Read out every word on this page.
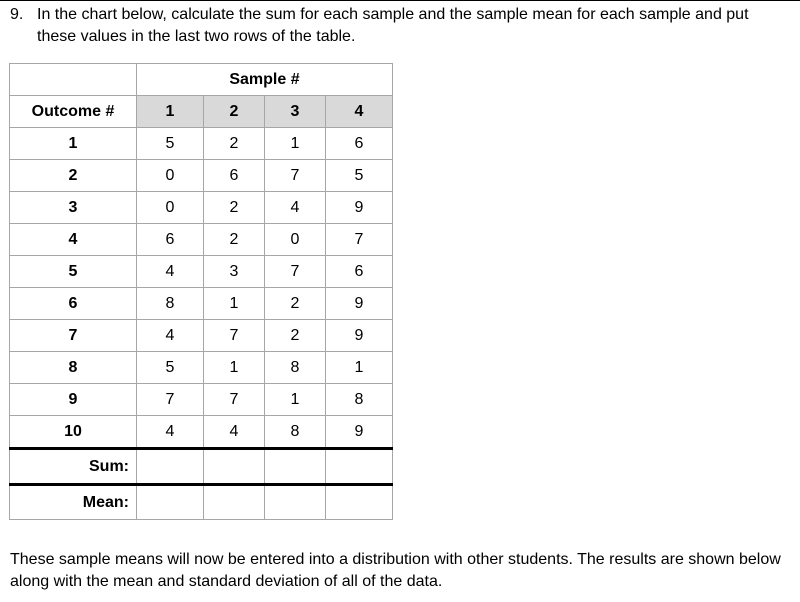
9. In the chart below, calculate the sum for each sample and the sample mean for each sample and put these values in the last two rows of the table.
	Sample #			
Outcome #	1	2	3	4
1	5	2	1	6
2	0	6	7	5
3	0	2	4	9
4	6	2	0	7
5	4	3	7	6
6	8	1	2	9
7	4	7	2	9
8	5	1	8	1
9	7	7	1	8
10	4	4	8	9
Sum:				
Mean:				
These sample means will now be entered into a distribution with other students. The results are shown below along with the mean and standard deviation of all of the data.
